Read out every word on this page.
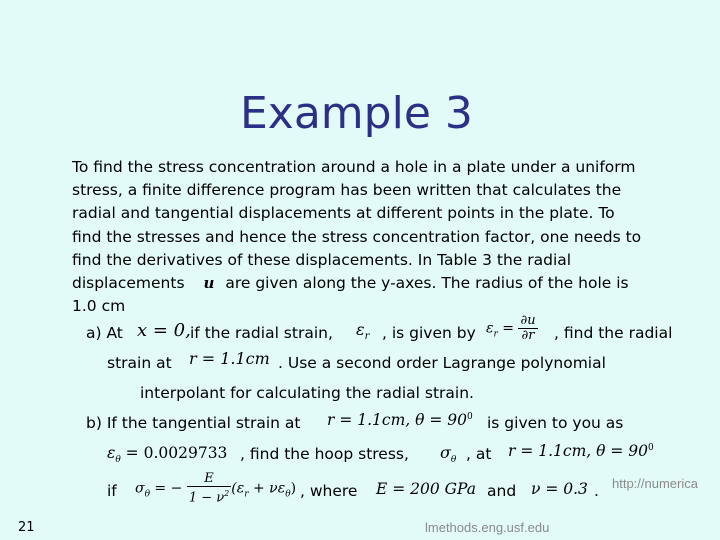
Example 3
To find the stress concentration around a hole in a plate under a uniform
stress, a finite difference program has been written that calculates the
radial and tangential displacements at different points in the plate. To
find the stresses and hence the stress concentration factor, one needs to
find the derivatives of these displacements. In Table 3 the radial
displacements u are given along the y-axes. The radius of the hole is
1.0 cm
a) At x = 0, if the radial strain, $\varepsilon_r$ , is given by $\varepsilon_r = \frac{\partial u}{\partial r}$ , find the radial
strain at r = 1.1cm . Use a second order Lagrange polynomial
interpolant for calculating the radial strain.
b) If the tangential strain at r = 1.1cm, $\theta = 90^0$ is given to you as
$\varepsilon_\theta = 0.0029733$ , find the hoop stress, $\sigma_\theta$ , at r = 1.1cm, $\theta = 90^0$
if $\sigma_\theta$ = − $\frac{E}{1 - \nu^2} (\varepsilon_r + \nu\varepsilon_\theta)$ , where E = 200 GPa and ν = 0.3 .
21	lmethods.eng.usf.edu
http://numerica
